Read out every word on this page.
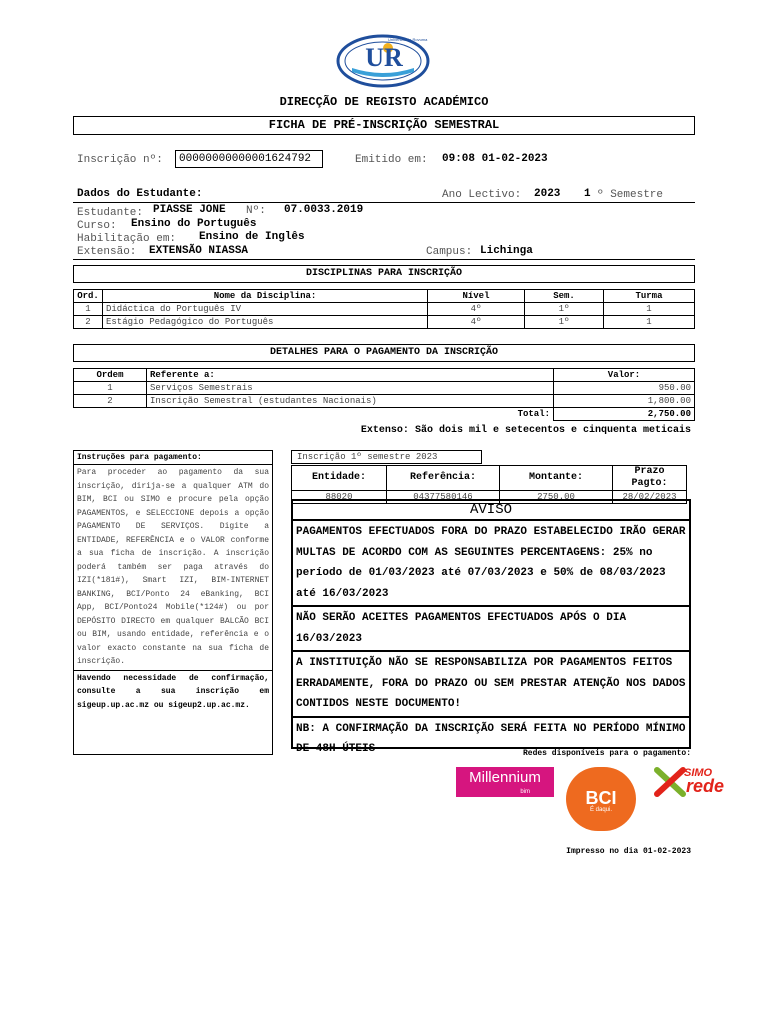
UR
Universidade Rovuma
DIRECÇÃO DE REGISTO ACADÉMICO
FICHA DE PRÉ-INSCRIÇÃO SEMESTRAL
Inscrição nº: 00000000000001624792	Emitido em: 09:08 01-02-2023
Dados do Estudante:	Ano Lectivo: 2023 1 º Semestre
Estudante: PIASSE JONE Nº: 07.0033.2019
Curso: Ensino do Português
Habilitação em: Ensino de Inglês
Extensão: EXTENSÃO NIASSA	Campus: Lichinga
DISCIPLINAS PARA INSCRIÇÃO
Ord.	Nome da Disciplina:	Nível	Sem.	Turma
1	Didáctica do Português IV	4º	1º	1
2	Estágio Pedagógico do Português	4º	1º	1
DETALHES PARA O PAGAMENTO DA INSCRIÇÃO
Ordem	Referente a:	Valor:
1	Serviços Semestrais	950.00
2	Inscrição Semestral (estudantes Nacionais)	1,800.00
	Total:	2,750.00
Extenso: São dois mil e setecentos e cinquenta meticais
Instruções para pagamento:
Para proceder ao pagamento da sua inscrição, dirija-se a qualquer ATM do BIM, BCI ou SIMO e procure pela opção PAGAMENTOS, e SELECCIONE depois a opção PAGAMENTO DE SERVIÇOS. Digite a ENTIDADE, REFERÊNCIA e o VALOR conforme a sua ficha de inscrição. A inscrição poderá também ser paga através do IZI(*181#), Smart IZI, BIM-INTERNET BANKING, BCI/Ponto 24 eBanking, BCI App, BCI/Ponto24 Mobile(*124#) ou por DEPÓSITO DIRECTO em qualquer BALCÃO BCI ou BIM, usando entidade, referência e o valor exacto constante na sua ficha de inscrição.
Havendo necessidade de confirmação, consulte a sua inscrição em sigeup.up.ac.mz ou sigeup2.up.ac.mz.
Inscrição 1º semestre 2023
Entidade:	Referência:	Montante:	Prazo Pagto:
88020	04377580146	2750.00	28/02/2023
AVISO
PAGAMENTOS EFECTUADOS FORA DO PRAZO ESTABELECIDO IRÃO GERAR MULTAS DE ACORDO COM AS SEGUINTES PERCENTAGENS: 25% no período de 01/03/2023 até 07/03/2023 e 50% de 08/03/2023 até 16/03/2023
NÃO SERÃO ACEITES PAGAMENTOS EFECTUADOS APÓS O DIA 16/03/2023
A INSTITUIÇÃO NÃO SE RESPONSABILIZA POR PAGAMENTOS FEITOS ERRADAMENTE, FORA DO PRAZO OU SEM PRESTAR ATENÇÃO NOS DADOS CONTIDOS NESTE DOCUMENTO!
NB: A CONFIRMAÇÃO DA INSCRIÇÃO SERÁ FEITA NO PERÍODO MÍNIMO DE 48H ÚTEIS	Redes disponíveis para o pagamento:
Millennium
bim	BCI
É daqui.
SIMO
rede
Impresso no dia 01-02-2023
